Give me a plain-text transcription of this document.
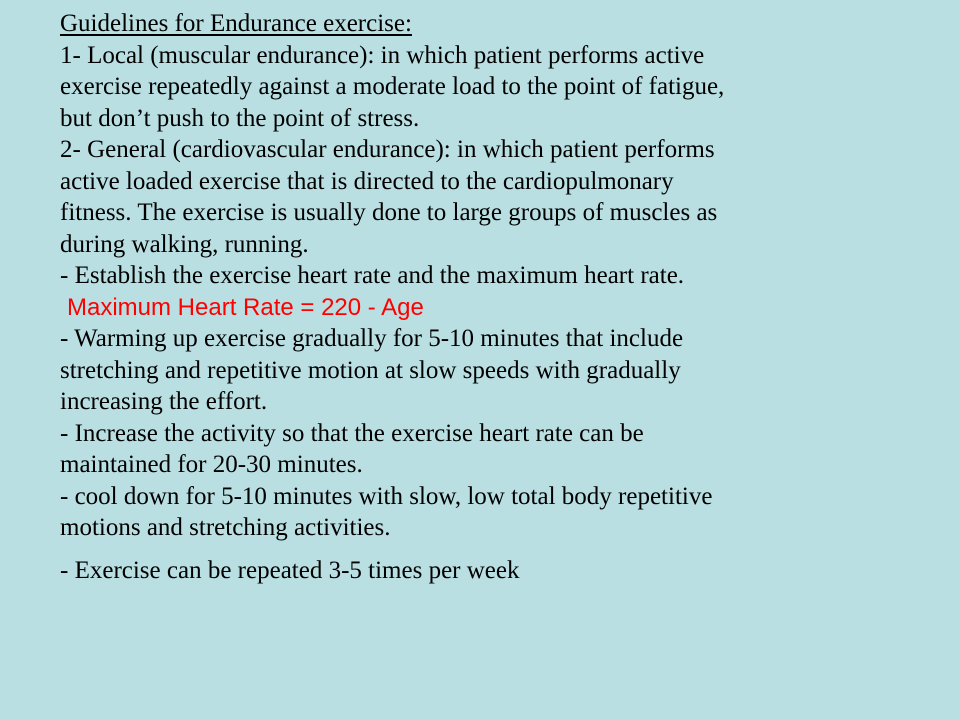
Guidelines for Endurance exercise:
1- Local (muscular endurance): in which patient performs active
exercise repeatedly against a moderate load to the point of fatigue,
but don’t push to the point of stress.
2- General (cardiovascular endurance): in which patient performs
active loaded exercise that is directed to the cardiopulmonary
fitness. The exercise is usually done to large groups of muscles as
during walking, running.
- Establish the exercise heart rate and the maximum heart rate.
Maximum Heart Rate = 220 - Age
- Warming up exercise gradually for 5-10 minutes that include
stretching and repetitive motion at slow speeds with gradually
increasing the effort.
- Increase the activity so that the exercise heart rate can be
maintained for 20-30 minutes.
- cool down for 5-10 minutes with slow, low total body repetitive
motions and stretching activities.
- Exercise can be repeated 3-5 times per week
